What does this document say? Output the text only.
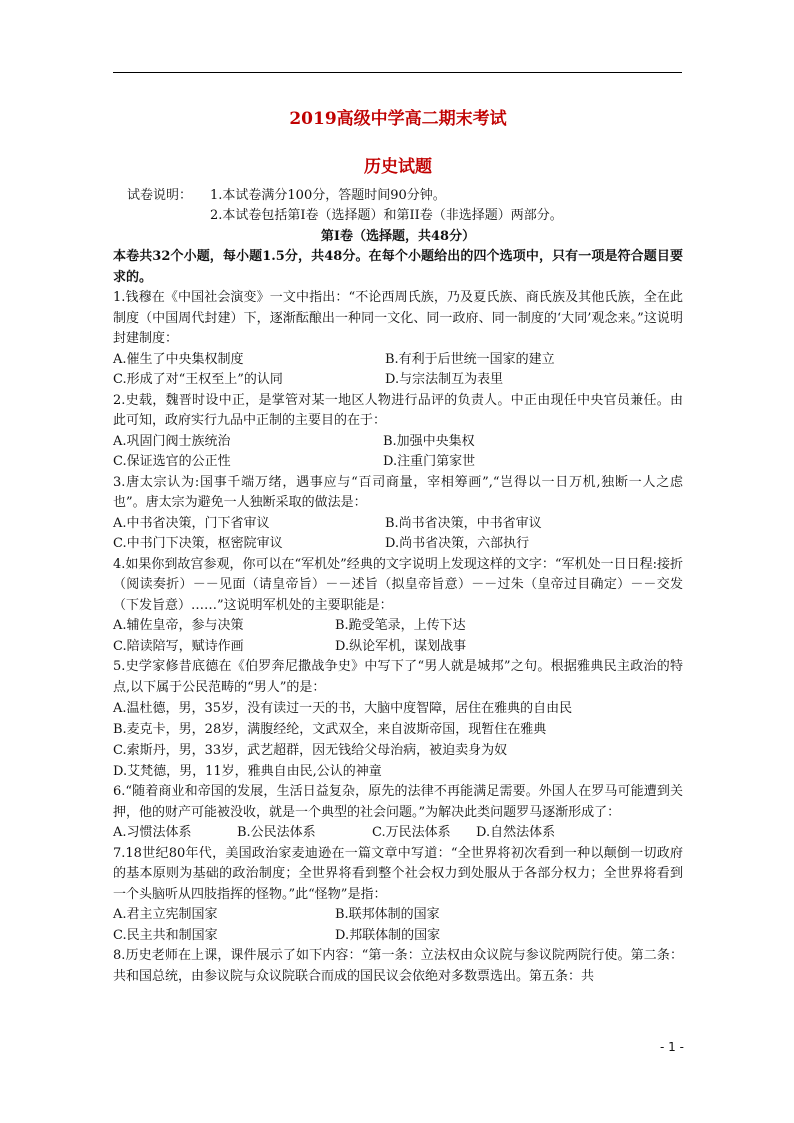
2019高级中学高二期末考试
历史试题
试卷说明：	1.本试卷满分100分，答题时间90分钟。
2.本试卷包括第Ⅰ卷（选择题）和第II卷（非选择题）两部分。
第Ⅰ卷（选择题，共48分）
本卷共32个小题，每小题1.5分，共48分。在每个小题给出的四个选项中，只有一项是符合题目要求的。
1.钱穆在《中国社会演变》一文中指出：“不论西周氏族，乃及夏氏族、商氏族及其他氏族，全在此制度（中国周代封建）下，逐渐酝酿出一种同一文化、同一政府、同一制度的‘大同’观念来。”这说明封建制度：
A.催生了中央集权制度	B.有利于后世统一国家的建立
C.形成了对“王权至上”的认同	D.与宗法制互为表里
2.史载，魏晋时设中正，是掌管对某一地区人物进行品评的负责人。中正由现任中央官员兼任。由此可知，政府实行九品中正制的主要目的在于：
A.巩固门阀士族统治	B.加强中央集权
C.保证选官的公正性	D.注重门第家世
3.唐太宗认为:国事千端万绪，遇事应与“百司商量，宰相筹画”,“岂得以一日万机,独断一人之虑也”。唐太宗为避免一人独断采取的做法是：
A.中书省决策，门下省审议	B.尚书省决策，中书省审议
C.中书门下决策，枢密院审议	D.尚书省决策，六部执行
4.如果你到故宫参观，你可以在“军机处”经典的文字说明上发现这样的文字：“军机处一日日程:接折（阅读奏折）－－见面（请皇帝旨）－－述旨（拟皇帝旨意）－－过朱（皇帝过目确定）－－交发（下发旨意）……”这说明军机处的主要职能是：
A.辅佐皇帝，参与决策	B.跪受笔录，上传下达
C.陪读陪写，赋诗作画	D.纵论军机，谋划战事
5.史学家修昔底德在《伯罗奔尼撒战争史》中写下了“男人就是城邦”之句。根据雅典民主政治的特点,以下属于公民范畴的“男人”的是：
A.温杜德，男，35岁，没有读过一天的书，大脑中度智障，居住在雅典的自由民
B.麦克卡，男，28岁，满腹经纶，文武双全，来自波斯帝国，现暂住在雅典
C.索斯丹，男，33岁，武艺超群，因无钱给父母治病，被迫卖身为奴
D.艾梵德，男，11岁，雅典自由民,公认的神童
6.“随着商业和帝国的发展，生活日益复杂，原先的法律不再能满足需要。外国人在罗马可能遭到关押，他的财产可能被没收，就是一个典型的社会问题。”为解决此类问题罗马逐渐形成了：
A.习惯法体系	B.公民法体系	C.万民法体系	D.自然法体系
7.18世纪80年代，美国政治家麦迪逊在一篇文章中写道：“全世界将初次看到一种以颠倒一切政府的基本原则为基础的政治制度；全世界将看到整个社会权力到处服从于各部分权力；全世界将看到一个头脑听从四肢指挥的怪物。”此“怪物”是指：
A.君主立宪制国家	B.联邦体制的国家
C.民主共和制国家	D.邦联体制的国家
8.历史老师在上课，课件展示了如下内容：“第一条：立法权由众议院与参议院两院行使。第二条：共和国总统，由参议院与众议院联合而成的国民议会依绝对多数票选出。第五条：共
- 1 -
